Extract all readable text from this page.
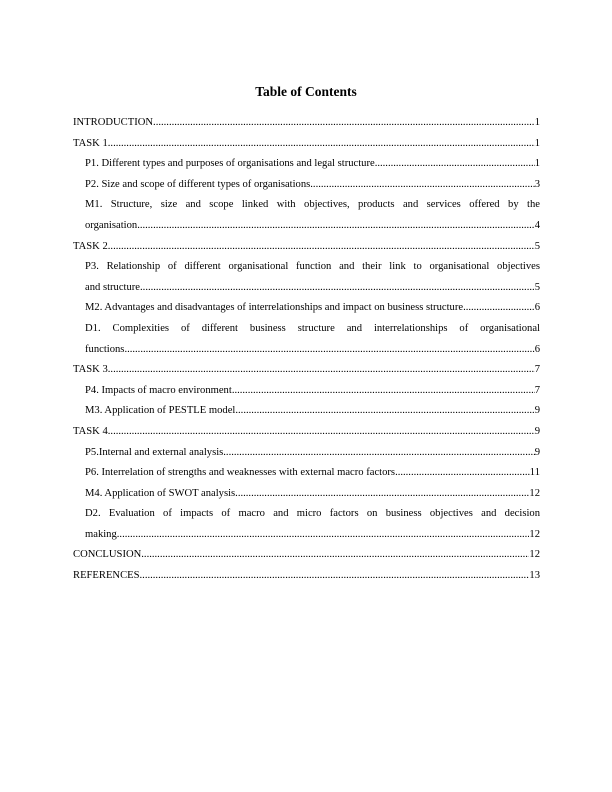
Table of Contents
INTRODUCTION .....	1
TASK 1 .....	1
P1. Different types and purposes of organisations and legal structure .....	1
P2. Size and scope of different types of organisations .....	3
M1. Structure, size and scope linked with objectives, products and services offered by the
organisation .....	4
TASK 2 .....	5
P3. Relationship of different organisational function and their link to organisational objectives
and structure .....	5
M2. Advantages and disadvantages of interrelationships and impact on business structure .....	6
D1. Complexities of different business structure and interrelationships of organisational
functions .....	6
TASK 3 .....	7
P4. Impacts of macro environment .....	7
M3. Application of PESTLE model .....	9
TASK 4 .....	9
P5.Internal and external analysis .....	9
P6. Interrelation of strengths and weaknesses with external macro factors .....	11
M4. Application of SWOT analysis .....	12
D2. Evaluation of impacts of macro and micro factors on business objectives and decision
making .....	12
CONCLUSION .....	12
REFERENCES .....	13
